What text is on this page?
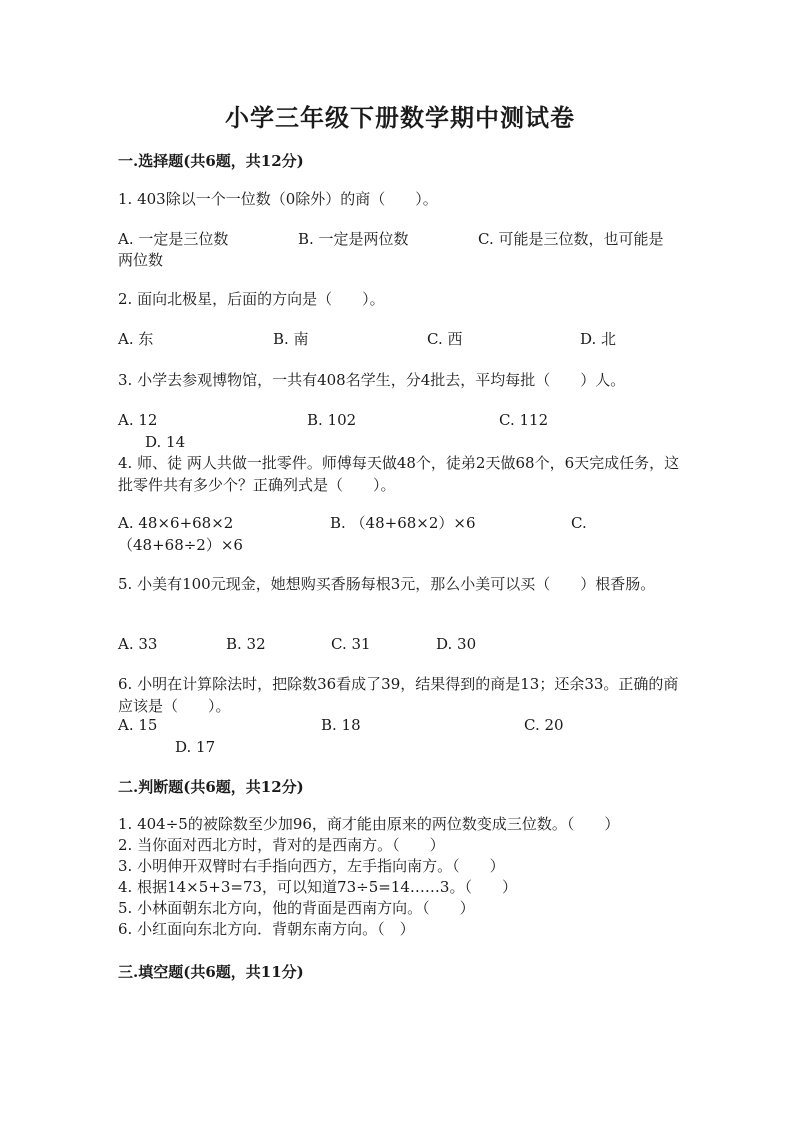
小学三年级下册数学期中测试卷
一.选择题(共6题，共12分)
1. 403除以一个一位数（0除外）的商（　　）。
A. 一定是三位数	B. 一定是两位数	C. 可能是三位数，也可能是
两位数
2. 面向北极星，后面的方向是（　　）。
A. 东	B. 南	C. 西	D. 北
3. 小学去参观博物馆，一共有408名学生，分4批去，平均每批（　　）人。
A. 12	B. 102	C. 112
D. 14
4. 师、徒 两人共做一批零件。师傅每天做48个，徒弟2天做68个，6天完成任务，这批零件共有多少个？正确列式是（　　）。
A. 48×6+68×2	B. （48+68×2）×6	C.
（48+68÷2）×6
5. 小美有100元现金，她想购买香肠每根3元，那么小美可以买（　　）根香肠。
A. 33	B. 32	C. 31	D. 30
6. 小明在计算除法时，把除数36看成了39，结果得到的商是13；还余33。正确的商应该是（　　）。
A. 15	B. 18	C. 20
D. 17
二.判断题(共6题，共12分)
1. 404÷5的被除数至少加96，商才能由原来的两位数变成三位数。（　　）
2. 当你面对西北方时，背对的是西南方。（　　）
3. 小明伸开双臂时右手指向西方，左手指向南方。（　　）
4. 根据14×5+3=73，可以知道73÷5=14……3。（　　）
5. 小林面朝东北方向，他的背面是西南方向。（　　）
6. 小红面向东北方向．背朝东南方向。（　）
三.填空题(共6题，共11分)
